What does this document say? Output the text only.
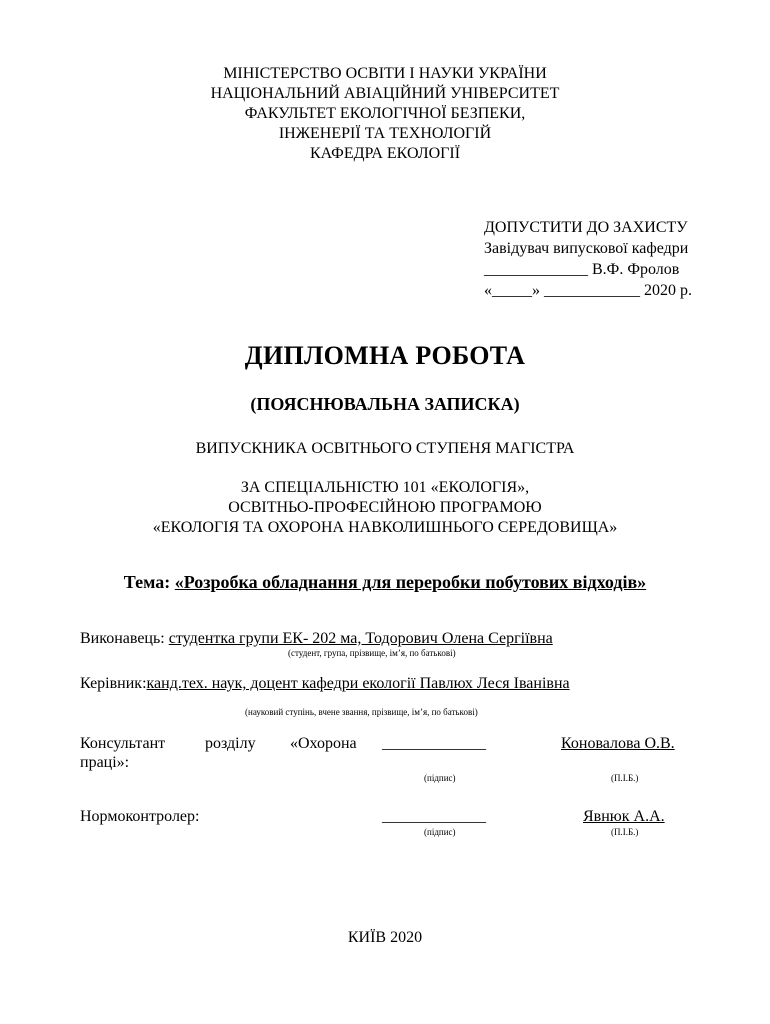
МІНІСТЕРСТВО ОСВІТИ І НАУКИ УКРАЇНИ
НАЦІОНАЛЬНИЙ АВІАЦІЙНИЙ УНІВЕРСИТЕТ
ФАКУЛЬТЕТ ЕКОЛОГІЧНОЇ БЕЗПЕКИ,
ІНЖЕНЕРІЇ ТА ТЕХНОЛОГІЙ
КАФЕДРА ЕКОЛОГІЇ
ДОПУСТИТИ ДО ЗАХИСТУ
Завідувач випускової кафедри
_____________ В.Ф. Фролов
«_____» ____________ 2020 р.
ДИПЛОМНА РОБОТА
(ПОЯСНЮВАЛЬНА ЗАПИСКА)
ВИПУСКНИКА ОСВІТНЬОГО СТУПЕНЯ МАГІСТРА
ЗА СПЕЦІАЛЬНІСТЮ 101 «ЕКОЛОГІЯ»,
ОСВІТНЬО-ПРОФЕСІЙНОЮ ПРОГРАМОЮ
«ЕКОЛОГІЯ ТА ОХОРОНА НАВКОЛИШНЬОГО СЕРЕДОВИЩА»
Тема: «Розробка обладнання для переробки побутових відходів»
Виконавець: студентка групи ЕК- 202 ма, Тодорович Олена Сергіївна
(студент, група, прізвище, ім’я, по батькові)
Керівник:канд.тех. наук, доцент кафедри екології Павлюх Леся Іванівна
(науковий ступінь, вчене звання, прізвище, ім’я, по батькові)
Консультант розділу «Охорона _____________	Коновалова О.В.
праці»:
(підпис)	(П.І.Б.)
Нормоконтролер:	_____________	Явнюк А.А.
(підпис)	(П.І.Б.)
КИЇВ 2020
